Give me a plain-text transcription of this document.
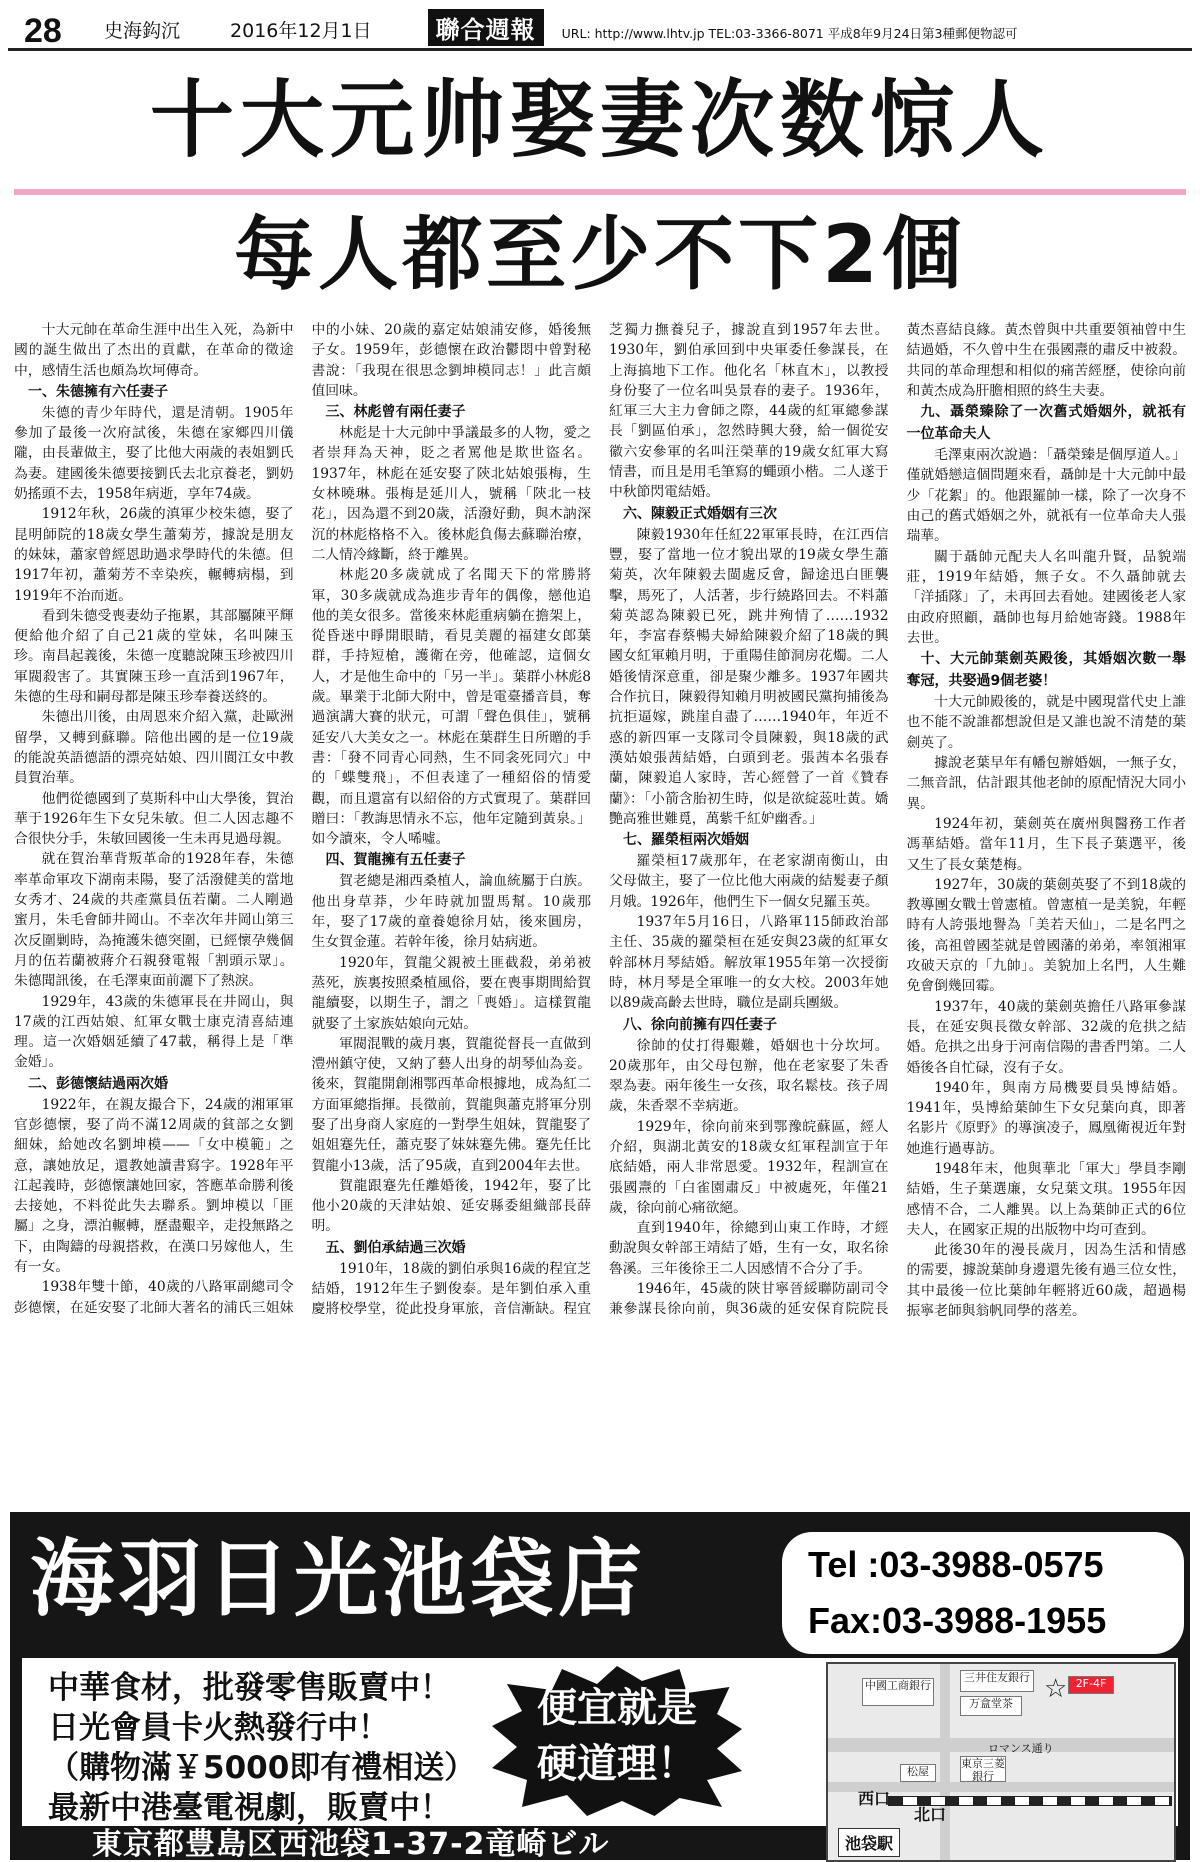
28	史海鈎沉	2016年12月1日	聯合週報	URL: http://www.lhtv.jp TEL:03-3366-8071 平成8年9月24日第3種郵便物認可
十大元帅娶妻次数惊人
每人都至少不下2個

十大元帥在革命生涯中出生入死，為新中國的誕生做出了杰出的貢獻，在革命的徵途中，感情生活也頗為坎坷傳奇。

一、朱德擁有六任妻子

朱德的青少年時代，還是清朝。1905年參加了最後一次府試後，朱德在家鄉四川儀隴，由長輩做主，娶了比他大兩歲的表姐劉氏為妻。建國後朱德要接劉氏去北京養老，劉奶奶搖頭不去，1958年病逝，享年74歲。

1912年秋，26歲的滇軍少校朱德，娶了昆明師院的18歲女學生蕭菊芳，據說是朋友的妹妹，蕭家曾經恩助過求學時代的朱德。但1917年初，蕭菊芳不幸染疾，輾轉病榻，到1919年不治而逝。

看到朱德受喪妻幼子拖累，其部屬陳平輝便給他介紹了自己21歲的堂妹，名叫陳玉珍。南昌起義後，朱德一度聽說陳玉珍被四川軍閥殺害了。其實陳玉珍一直活到1967年，朱德的生母和嗣母都是陳玉珍奉養送終的。

朱德出川後，由周恩來介紹入黨，赴歐洲留學，又轉到蘇聯。陪他出國的是一位19歲的能說英語德語的漂亮姑娘、四川閬江女中教員賀治華。

他們從德國到了莫斯科中山大學後，賀治華于1926年生下女兒朱敏。但二人因志趣不合很快分手，朱敏回國後一生未再見過母親。

就在賀治華背叛革命的1928年春，朱德率革命軍攻下湖南耒陽，娶了活潑健美的當地女秀才、24歲的共產黨員伍若蘭。二人剛過蜜月，朱毛會師井岡山。不幸次年井岡山第三次反圍剿時，為掩護朱德突圍，已經懷孕幾個月的伍若蘭被蔣介石親發電報「割頭示眾」。朱德聞訊後，在毛澤東面前灑下了熱淚。

1929年，43歲的朱德軍長在井岡山，與17歲的江西姑娘、紅軍女戰士康克清喜結連理。這一次婚姻延續了47載，稱得上是「準金婚」。

二、彭德懷結過兩次婚

1922年，在親友撮合下，24歲的湘軍軍官彭德懷，娶了尚不滿12周歲的貧部之女劉細妹，給她改名劉坤模——「女中模範」之意，讓她放足，還教她讀書寫字。1928年平江起義時，彭德懷讓她回家，答應革命勝利後去接她，不料從此失去聯系。劉坤模以「匪屬」之身，漂泊輾轉，歷盡艱辛，走投無路之下，由陶鑄的母親搭救，在漢口另嫁他人，生有一女。

1938年雙十節，40歲的八路軍副總司令彭德懷，在延安娶了北師大著名的浦氏三姐妹中的小妹、20歲的嘉定姑娘浦安修，婚後無子女。1959年，彭德懷在政治鬱悶中曾對秘書說：「我現在很思念劉坤模同志！」此言頗值回味。

三、林彪曾有兩任妻子

林彪是十大元帥中爭議最多的人物，愛之者崇拜為天神，貶之者罵他是欺世盜名。1937年，林彪在延安娶了陝北姑娘張梅，生女林曉琳。張梅是延川人，號稱「陝北一枝花」，因為還不到20歲，活潑好動，與木訥深沉的林彪格格不入。後林彪負傷去蘇聯治療，二人情冷緣斷，終于離異。

林彪20多歲就成了名聞天下的常勝將軍，30多歲就成為進步青年的偶像，戀他追他的美女很多。當後來林彪重病躺在擔架上，從昏迷中睜開眼睛，看見美麗的福建女郎葉群，手持短槍，護衛在旁，他確認，這個女人，才是他生命中的「另一半」。葉群小林彪8歲。畢業于北師大附中，曾是電臺播音員，奪過演講大賽的狀元，可謂「聲色俱佳」，號稱延安八大美女之一。林彪在葉群生日所贈的手書：「發不同青心同熱，生不同衾死同穴」中的「蝶雙飛」，不但表達了一種紹俗的情愛觀，而且還富有以紹俗的方式實現了。葉群回贈曰：「教誨思情永不忘，他年定隨到黃泉。」如今讀來，令人唏噓。

四、賀龍擁有五任妻子

賀老總是湘西桑植人，論血統屬于白族。他出身草莽，少年時就加盟馬幫。10歲那年，娶了17歲的童養媳徐月姑，後來圓房，生女賀金蓮。若幹年後，徐月姑病逝。

1920年，賀龍父親被土匪截殺，弟弟被蒸死，族裏按照桑植風俗，要在喪事期間給賀龍續娶，以期生子，謂之「喪婚」。這樣賀龍就娶了土家族姑娘向元姑。

軍閥混戰的歲月裏，賀龍從督長一直做到澧州鎮守使，又納了藝人出身的胡琴仙為妾。後來，賀龍開創湘鄂西革命根據地，成為紅二方面軍總指揮。長徵前，賀龍與蕭克將軍分別娶了出身商人家庭的一對學生姐妹，賀龍娶了姐姐蹇先任，蕭克娶了妹妹蹇先佛。蹇先任比賀龍小13歲，活了95歲，直到2004年去世。

賀龍跟蹇先任離婚後，1942年，娶了比他小20歲的天津姑娘、延安縣委組織部長薛明。

五、劉伯承結過三次婚

1910年，18歲的劉伯承與16歲的程宜芝結婚，1912年生子劉俊泰。是年劉伯承入重慶將校學堂，從此投身軍旅，音信漸缺。程宜芝獨力撫養兒子，據說直到1957年去世。1930年，劉伯承回到中央軍委任參謀長，在上海搞地下工作。他化名「林直木」，以教授身份娶了一位名叫吳景春的妻子。1936年，紅軍三大主力會師之際，44歲的紅軍總參謀長「劉區伯承」，忽然時興大發，給一個從安徽六安參軍的名叫汪榮華的19歲女紅軍大寫情書，而且是用毛筆寫的蠅頭小楷。二人遂于中秋節閃電結婚。

六、陳毅正式婚姻有三次

陳毅1930年任紅22軍軍長時，在江西信豐，娶了當地一位才貌出眾的19歲女學生蕭菊英，次年陳毅去閩處反會，歸途迅白匪襲擊，馬死了，人活著，步行繞路回去。不料蕭菊英認為陳毅已死，跳井殉情了……1932年，李富春蔡暢夫婦給陳毅介紹了18歲的興國女紅軍賴月明，于重陽佳節洞房花燭。二人婚後情深意重，卻是聚少離多。1937年國共合作抗日，陳毅得知賴月明被國民黨拘捕後為抗拒逼嫁，跳崖自盡了……1940年，年近不惑的新四軍一支隊司令員陳毅，與18歲的武漢姑娘張茜結婚，白頭到老。張茜本名張春蘭，陳毅追人家時，苦心經營了一首《贊春蘭》：「小箭含胎初生時，似是欲綻蕊吐黃。嬌艷高雅世難覓，萬紫千紅妒幽香。」

七、羅榮桓兩次婚姻

羅榮桓17歲那年，在老家湖南衡山，由父母做主，娶了一位比他大兩歲的結髮妻子顏月娥。1926年，他們生下一個女兒羅玉英。

1937年5月16日，八路軍115師政治部主任、35歲的羅榮桓在延安與23歲的紅軍女幹部林月琴結婚。解放軍1955年第一次授銜時，林月琴是全軍唯一的女大校。2003年她以89歲高齡去世時，職位是副兵團級。

八、徐向前擁有四任妻子

徐帥的仗打得艱難，婚姻也十分坎坷。20歲那年，由父母包辦，他在老家娶了朱香翠為妻。兩年後生一女孩，取名鬆枝。孩子周歲，朱香翠不幸病逝。

1929年，徐向前來到鄂豫皖蘇區，經人介紹，與湖北黃安的18歲女紅軍程訓宣于年底結婚，兩人非常恩愛。1932年，程訓宣在張國燾的「白雀園肅反」中被處死，年僅21歲，徐向前心痛欲絕。

直到1940年，徐總到山東工作時，才經動說與女幹部王靖結了婚，生有一女，取名徐魯溪。三年後徐王二人因感情不合分了手。

1946年，45歲的陝甘寧晉綏聯防副司令兼參謀長徐向前，與36歲的延安保育院院長黃杰喜結良緣。黃杰曾與中共重要領袖曾中生結過婚，不久曾中生在張國燾的肅反中被殺。共同的革命理想和相似的痛苦經歷，使徐向前和黃杰成為肝膽相照的終生夫妻。

九、聶榮臻除了一次舊式婚姻外，就祇有一位革命夫人

毛澤東兩次說過：「聶榮臻是個厚道人。」僅就婚戀這個問題來看，聶帥是十大元帥中最少「花絮」的。他跟羅帥一樣，除了一次身不由己的舊式婚姻之外，就祇有一位革命夫人張瑞華。

關于聶帥元配夫人名叫龍升賢，品貌端莊，1919年結婚，無子女。不久聶帥就去「洋插隊」了，未再回去看她。建國後老人家由政府照顧，聶帥也每月給她寄錢。1988年去世。

十、大元帥葉劍英殿後，其婚姻次數一舉奪冠，共娶過9個老婆！

十大元帥殿後的，就是中國現當代史上誰也不能不說誰都想說但是又誰也說不清楚的葉劍英了。

據說老葉早年有幡包辦婚姻，一無子女，二無音訊，估計跟其他老帥的原配情況大同小異。

1924年初，葉劍英在廣州與醫務工作者馮華結婚。當年11月，生下長子葉選平，後又生了長女葉楚梅。

1927年，30歲的葉劍英娶了不到18歲的教導團女戰士曾憲植。曾憲植一是美貌，年輕時有人誇張地譽為「美若天仙」，二是名門之後，高祖曾國荃就是曾國藩的弟弟，率領湘軍攻破天京的「九帥」。美貌加上名門，人生難免會倒幾回霉。

1937年，40歲的葉劍英擔任八路軍參謀長，在延安與長徵女幹部、32歲的危拱之結婚。危拱之出身于河南信陽的書香門第。二人婚後各自忙碌，沒有子女。

1940年，與南方局機要員吳博結婚。1941年，吳博給葉帥生下女兒葉向真，即著名影片《原野》的導演凌子，鳳凰衛視近年對她進行過專訪。

1948年末，他與華北「軍大」學員李剛結婚，生子葉選廉，女兒葉文琪。1955年因感情不合，二人離異。以上為葉帥正式的6位夫人，在國家正規的出版物中均可查到。

此後30年的漫長歲月，因為生活和情感的需要，據說葉帥身邊還先後有過三位女性，其中最後一位比葉帥年輕將近60歲，超過楊振寧老師與翁帆同學的落差。

海羽日光池袋店	Tel :03-3988-0575
Fax:03-3988-1955
中華食材，批發零售販賣中！
日光會員卡火熱發行中！
（購物滿￥5000即有禮相送）
最新中港臺電視劇，販賣中！
便宜就是
硬道理！
中國工商銀行
三井住友銀行
万盒堂茶
2F-4F
☆
ロマンス通り
東京三菱銀行
松屋
西口
北口
池袋駅
東京都豊島区西池袋1-37-2竜崎ビル
